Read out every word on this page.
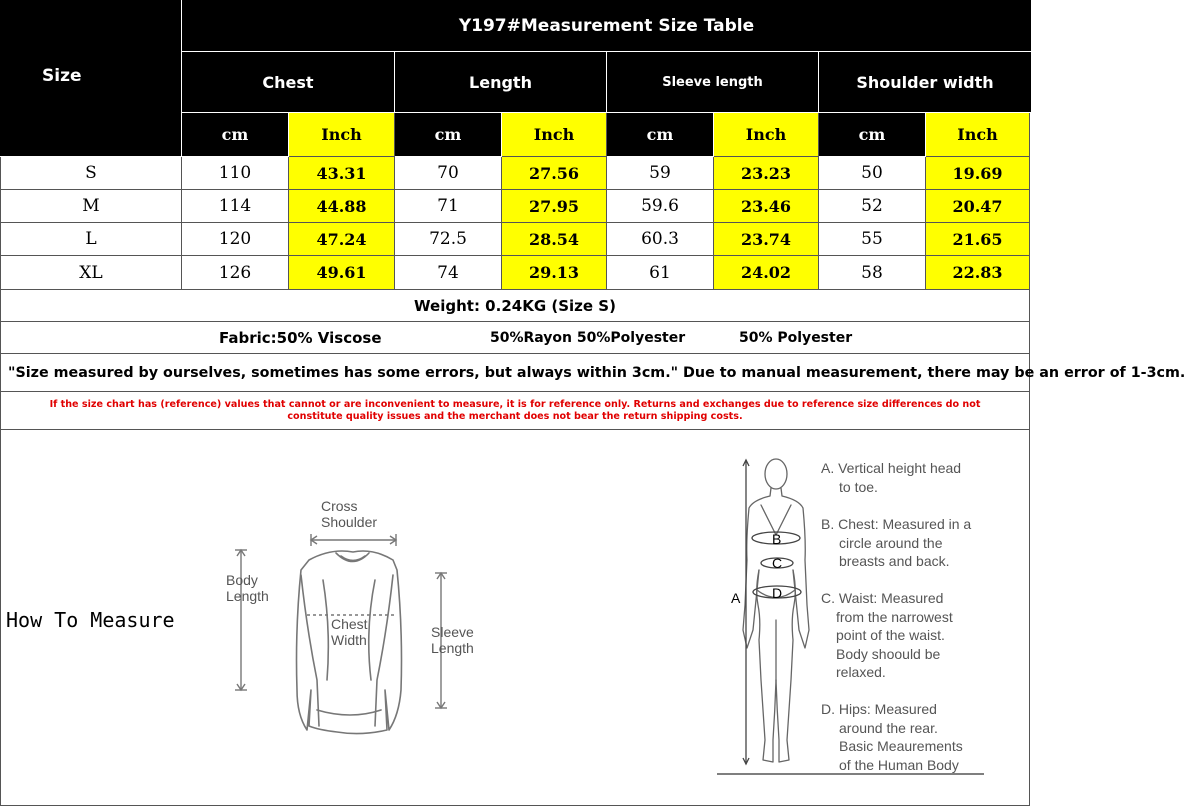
Size
Y197#Measurement Size Table
Chest	Length	Sleeve length	Shoulder width
cm	Inch	cm	Inch	cm	Inch	cm	Inch
S	110	43.31	70	27.56	59	23.23	50	19.69
M	114	44.88	71	27.95	59.6	23.46	52	20.47
L	120	47.24	72.5	28.54	60.3	23.74	55	21.65
XL	126	49.61	74	29.13	61	24.02	58	22.83
Weight: 0.24KG (Size S)
Fabric:50% Viscose	50%Rayon 50%Polyester	50% Polyester
"Size measured by ourselves, sometimes has some errors, but always within 3cm." Due to manual measurement, there may be an error of 1-3cm.
If the size chart has (reference) values that cannot or are inconvenient to measure, it is for reference only. Returns and exchanges due to reference size differences do not
constitute quality issues and the merchant does not bear the return shipping costs.
How To Measure
Cross
Shoulder
Body
Length
Chest
Width	Sleeve
Length
A
B
C
D
A. Vertical height head
to toe.
B. Chest: Measured in a
circle around the
breasts and back.
C. Waist: Measured
from the narrowest
point of the waist.
Body shoould be
relaxed.
D. Hips: Measured
around the rear.
Basic Meaurements
of the Human Body
